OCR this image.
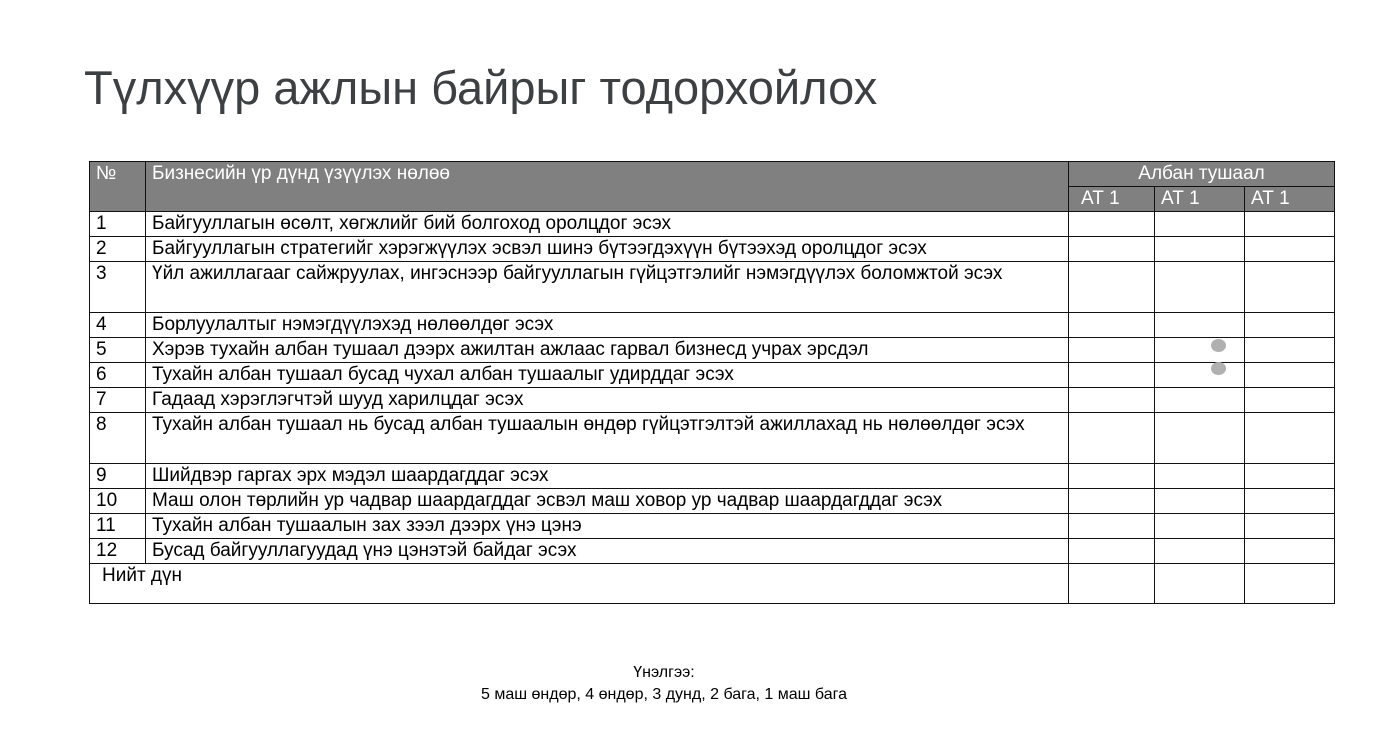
Түлхүүр ажлын байрыг тодорхойлох
№	Бизнесийн үр дүнд үзүүлэх нөлөө	Албан тушаал		
		АТ 1	АТ 1	АТ 1
1	Байгууллагын өсөлт, хөгжлийг бий болгоход оролцдог эсэх			
2	Байгууллагын стратегийг хэрэгжүүлэх эсвэл шинэ бүтээгдэхүүн бүтээхэд оролцдог эсэх			
3	Үйл ажиллагааг сайжруулах, ингэснээр байгууллагын гүйцэтгэлийг нэмэгдүүлэх боломжтой эсэх			
4	Борлуулалтыг нэмэгдүүлэхэд нөлөөлдөг эсэх			
5	Хэрэв тухайн албан тушаал дээрх ажилтан ажлаас гарвал бизнесд учрах эрсдэл			
6	Тухайн албан тушаал бусад чухал албан тушаалыг удирддаг эсэх			
7	Гадаад хэрэглэгчтэй шууд харилцдаг эсэх			
8	Тухайн албан тушаал нь бусад албан тушаалын өндөр гүйцэтгэлтэй ажиллахад нь нөлөөлдөг эсэх			
9	Шийдвэр гаргах эрх мэдэл шаардагддаг эсэх			
10	Маш олон төрлийн ур чадвар шаардагддаг эсвэл маш ховор ур чадвар шаардагддаг эсэх			
11	Тухайн албан тушаалын зах зээл дээрх үнэ цэнэ			
12	Бусад байгууллагуудад үнэ цэнэтэй байдаг эсэх			
Нийт дүн				
Үнэлгээ:
5 маш өндөр, 4 өндөр, 3 дунд, 2 бага, 1 маш бага
